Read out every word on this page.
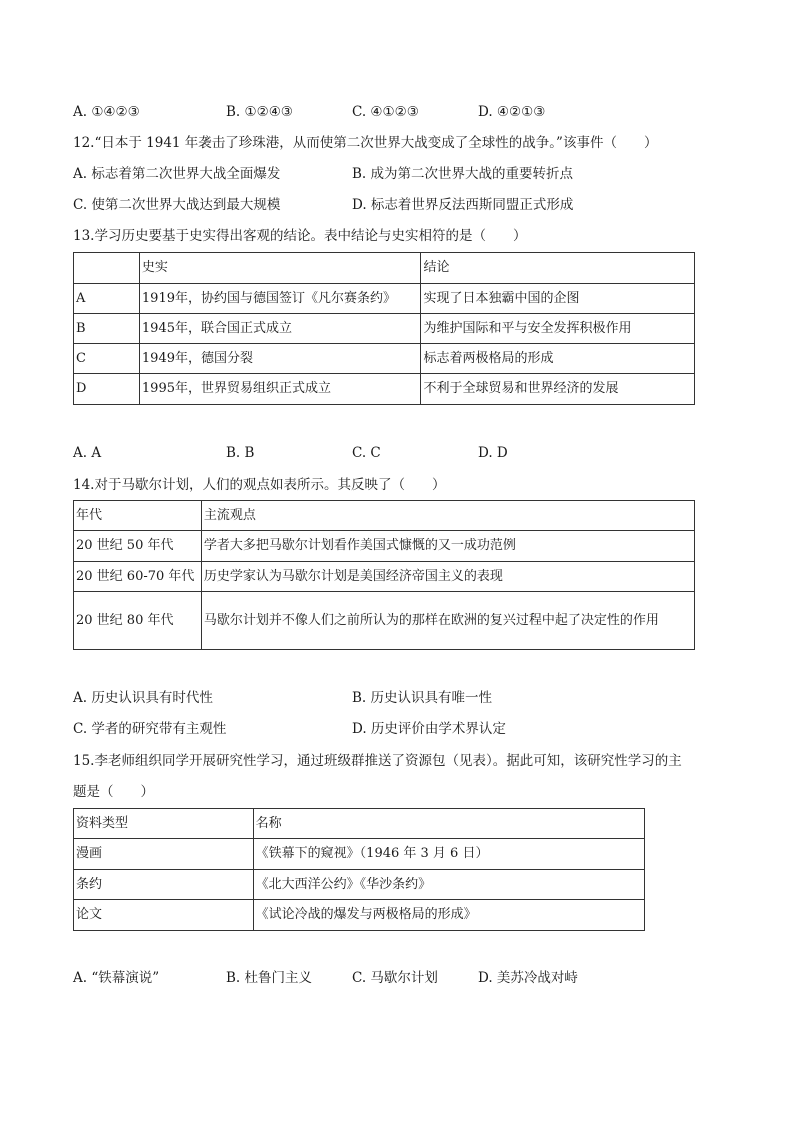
A. ①④②③	B. ①②④③	C. ④①②③	D. ④②①③
12.“日本于 1941 年袭击了珍珠港，从而使第二次世界大战变成了全球性的战争。”该事件（　　）
A. 标志着第二次世界大战全面爆发	B. 成为第二次世界大战的重要转折点
C. 使第二次世界大战达到最大规模	D. 标志着世界反法西斯同盟正式形成
13.学习历史要基于史实得出客观的结论。表中结论与史实相符的是（　　）
	史实	结论
A	1919年，协约国与德国签订《凡尔赛条约》	实现了日本独霸中国的企图
B	1945年，联合国正式成立	为维护国际和平与安全发挥积极作用
C	1949年，德国分裂	标志着两极格局的形成
D	1995年，世界贸易组织正式成立	不利于全球贸易和世界经济的发展
A. A	B. B	C. C	D. D
14.对于马歇尔计划，人们的观点如表所示。其反映了（　　）
年代	主流观点
20 世纪 50 年代	学者大多把马歇尔计划看作美国式慷慨的又一成功范例
20 世纪 60-70 年代	历史学家认为马歇尔计划是美国经济帝国主义的表现
20 世纪 80 年代	马歇尔计划并不像人们之前所认为的那样在欧洲的复兴过程中起了决定性的作用
A. 历史认识具有时代性	B. 历史认识具有唯一性
C. 学者的研究带有主观性	D. 历史评价由学术界认定
15.李老师组织同学开展研究性学习，通过班级群推送了资源包（见表）。据此可知，该研究性学习的主
题是（　　）
资料类型	名称
漫画	《铁幕下的窥视》（1946 年 3 月 6 日）
条约	《北大西洋公约》《华沙条约》
论文	《试论冷战的爆发与两极格局的形成》
A. “铁幕演说”	B. 杜鲁门主义	C. 马歇尔计划	D. 美苏冷战对峙
